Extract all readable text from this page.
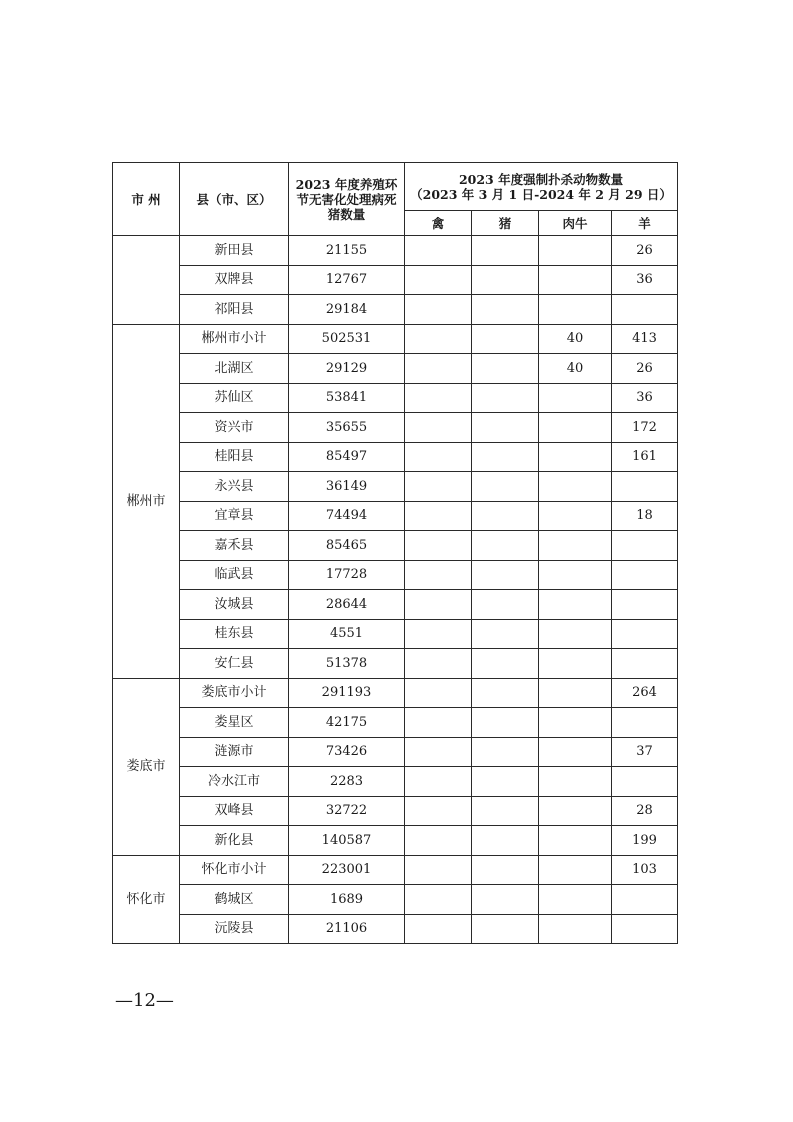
市 州	县（市、区）	2023 年度养殖环节无害化处理病死猪数量	2023 年度强制扑杀动物数量
（2023 年 3 月 1 日-2024 年 2 月 29 日）			

			禽	猪	肉牛	羊
	新田县	21155				26
	双牌县	12767				36
	祁阳县	29184				
郴州市	郴州市小计	502531			40	413
	北湖区	29129			40	26
	苏仙区	53841				36
	资兴市	35655				172
	桂阳县	85497				161
	永兴县	36149				
	宜章县	74494				18
	嘉禾县	85465				
	临武县	17728				
	汝城县	28644				
	桂东县	4551				
	安仁县	51378				
娄底市	娄底市小计	291193				264
	娄星区	42175				
	涟源市	73426				37
	冷水江市	2283				
	双峰县	32722				28
	新化县	140587				199
怀化市	怀化市小计	223001				103
	鹤城区	1689				
	沅陵县	21106				
—12—
